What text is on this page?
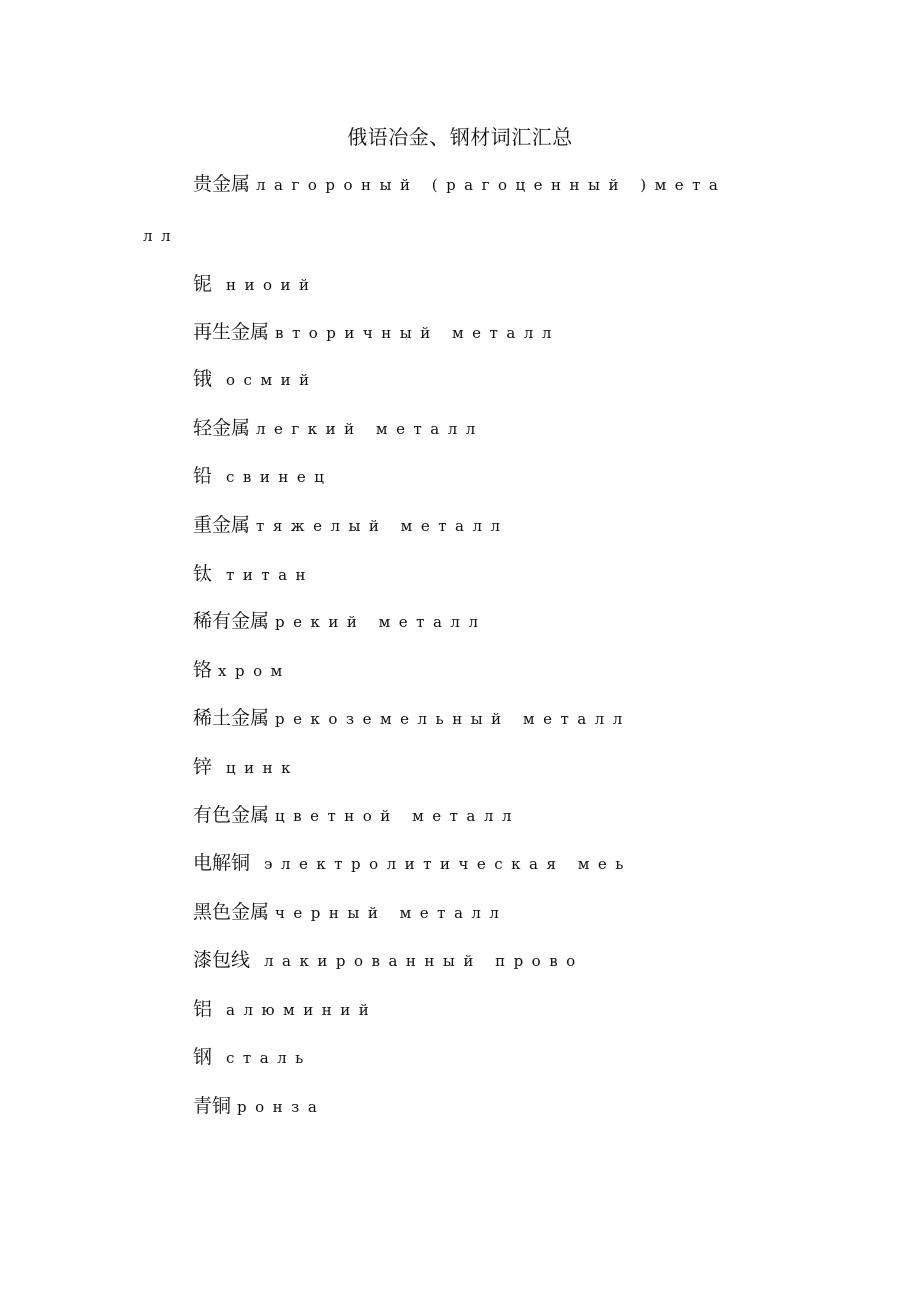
俄语冶金、钢材词汇汇总
贵金属 лагороный (рагоценный )мета
лл
铌 ниоий
再生金属 вторичный металл
锇 осмий
轻金属 легкий металл
铅 свинец
重金属 тяжелый металл
钛 титан
稀有金属 рекий металл
铬 хром
稀土金属 рекоземельный металл
锌 цинк
有色金属 цветной металл
电解铜 электролитическая меь
黑色金属 черный металл
漆包线 лакированный прово
铝 алюминий
钢 сталь
青铜 ронза
